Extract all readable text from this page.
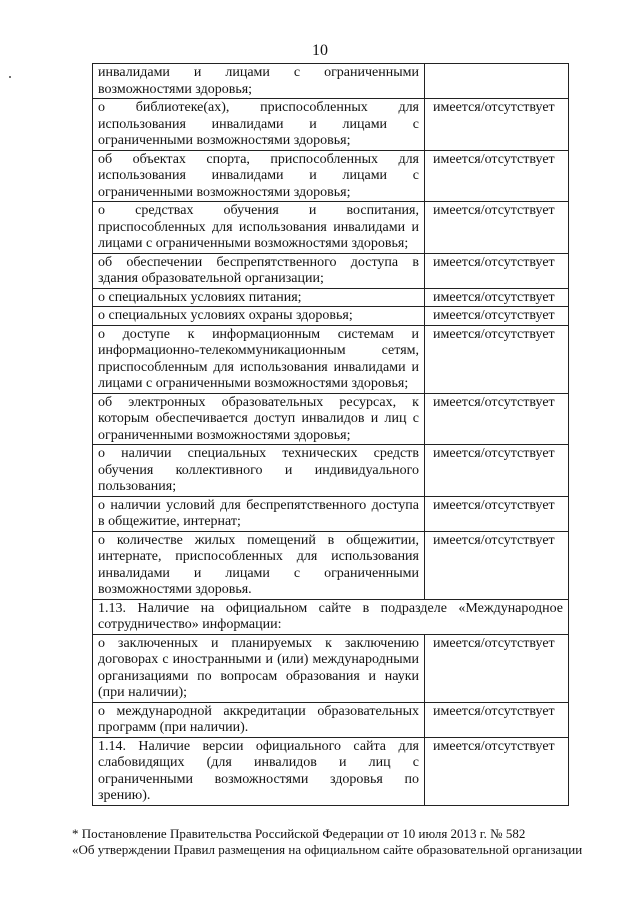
10
инвалидами и лицами с ограниченными возможностями здоровья;	
о библиотеке(ах), приспособленных для использования инвалидами и лицами с ограниченными возможностями здоровья;	имеется/отсутствует
об объектах спорта, приспособленных для использования инвалидами и лицами с ограниченными возможностями здоровья;	имеется/отсутствует
о средствах обучения и воспитания, приспособленных для использования инвалидами и лицами с ограниченными возможностями здоровья;	имеется/отсутствует
об обеспечении беспрепятственного доступа в здания образовательной организации;	имеется/отсутствует
о специальных условиях питания;	имеется/отсутствует
о специальных условиях охраны здоровья;	имеется/отсутствует
о доступе к информационным системам и информационно-телекоммуникационным сетям, приспособленным для использования инвалидами и лицами с ограниченными возможностями здоровья;	имеется/отсутствует
об электронных образовательных ресурсах, к которым обеспечивается доступ инвалидов и лиц с ограниченными возможностями здоровья;	имеется/отсутствует
о наличии специальных технических средств обучения коллективного и индивидуального пользования;	имеется/отсутствует
о наличии условий для беспрепятственного доступа в общежитие, интернат;	имеется/отсутствует
о количестве жилых помещений в общежитии, интернате, приспособленных для использования инвалидами и лицами с ограниченными возможностями здоровья.	имеется/отсутствует
1.13. Наличие на официальном сайте в подразделе «Международное сотрудничество» информации:	
о заключенных и планируемых к заключению договорах с иностранными и (или) международными организациями по вопросам образования и науки (при наличии);	имеется/отсутствует
о международной аккредитации образовательных программ (при наличии).	имеется/отсутствует
1.14. Наличие версии официального сайта для слабовидящих (для инвалидов и лиц с ограниченными возможностями здоровья по зрению).	имеется/отсутствует
* Постановление Правительства Российской Федерации от 10 июля 2013 г. № 582
«Об утверждении Правил размещения на официальном сайте образовательной организации
